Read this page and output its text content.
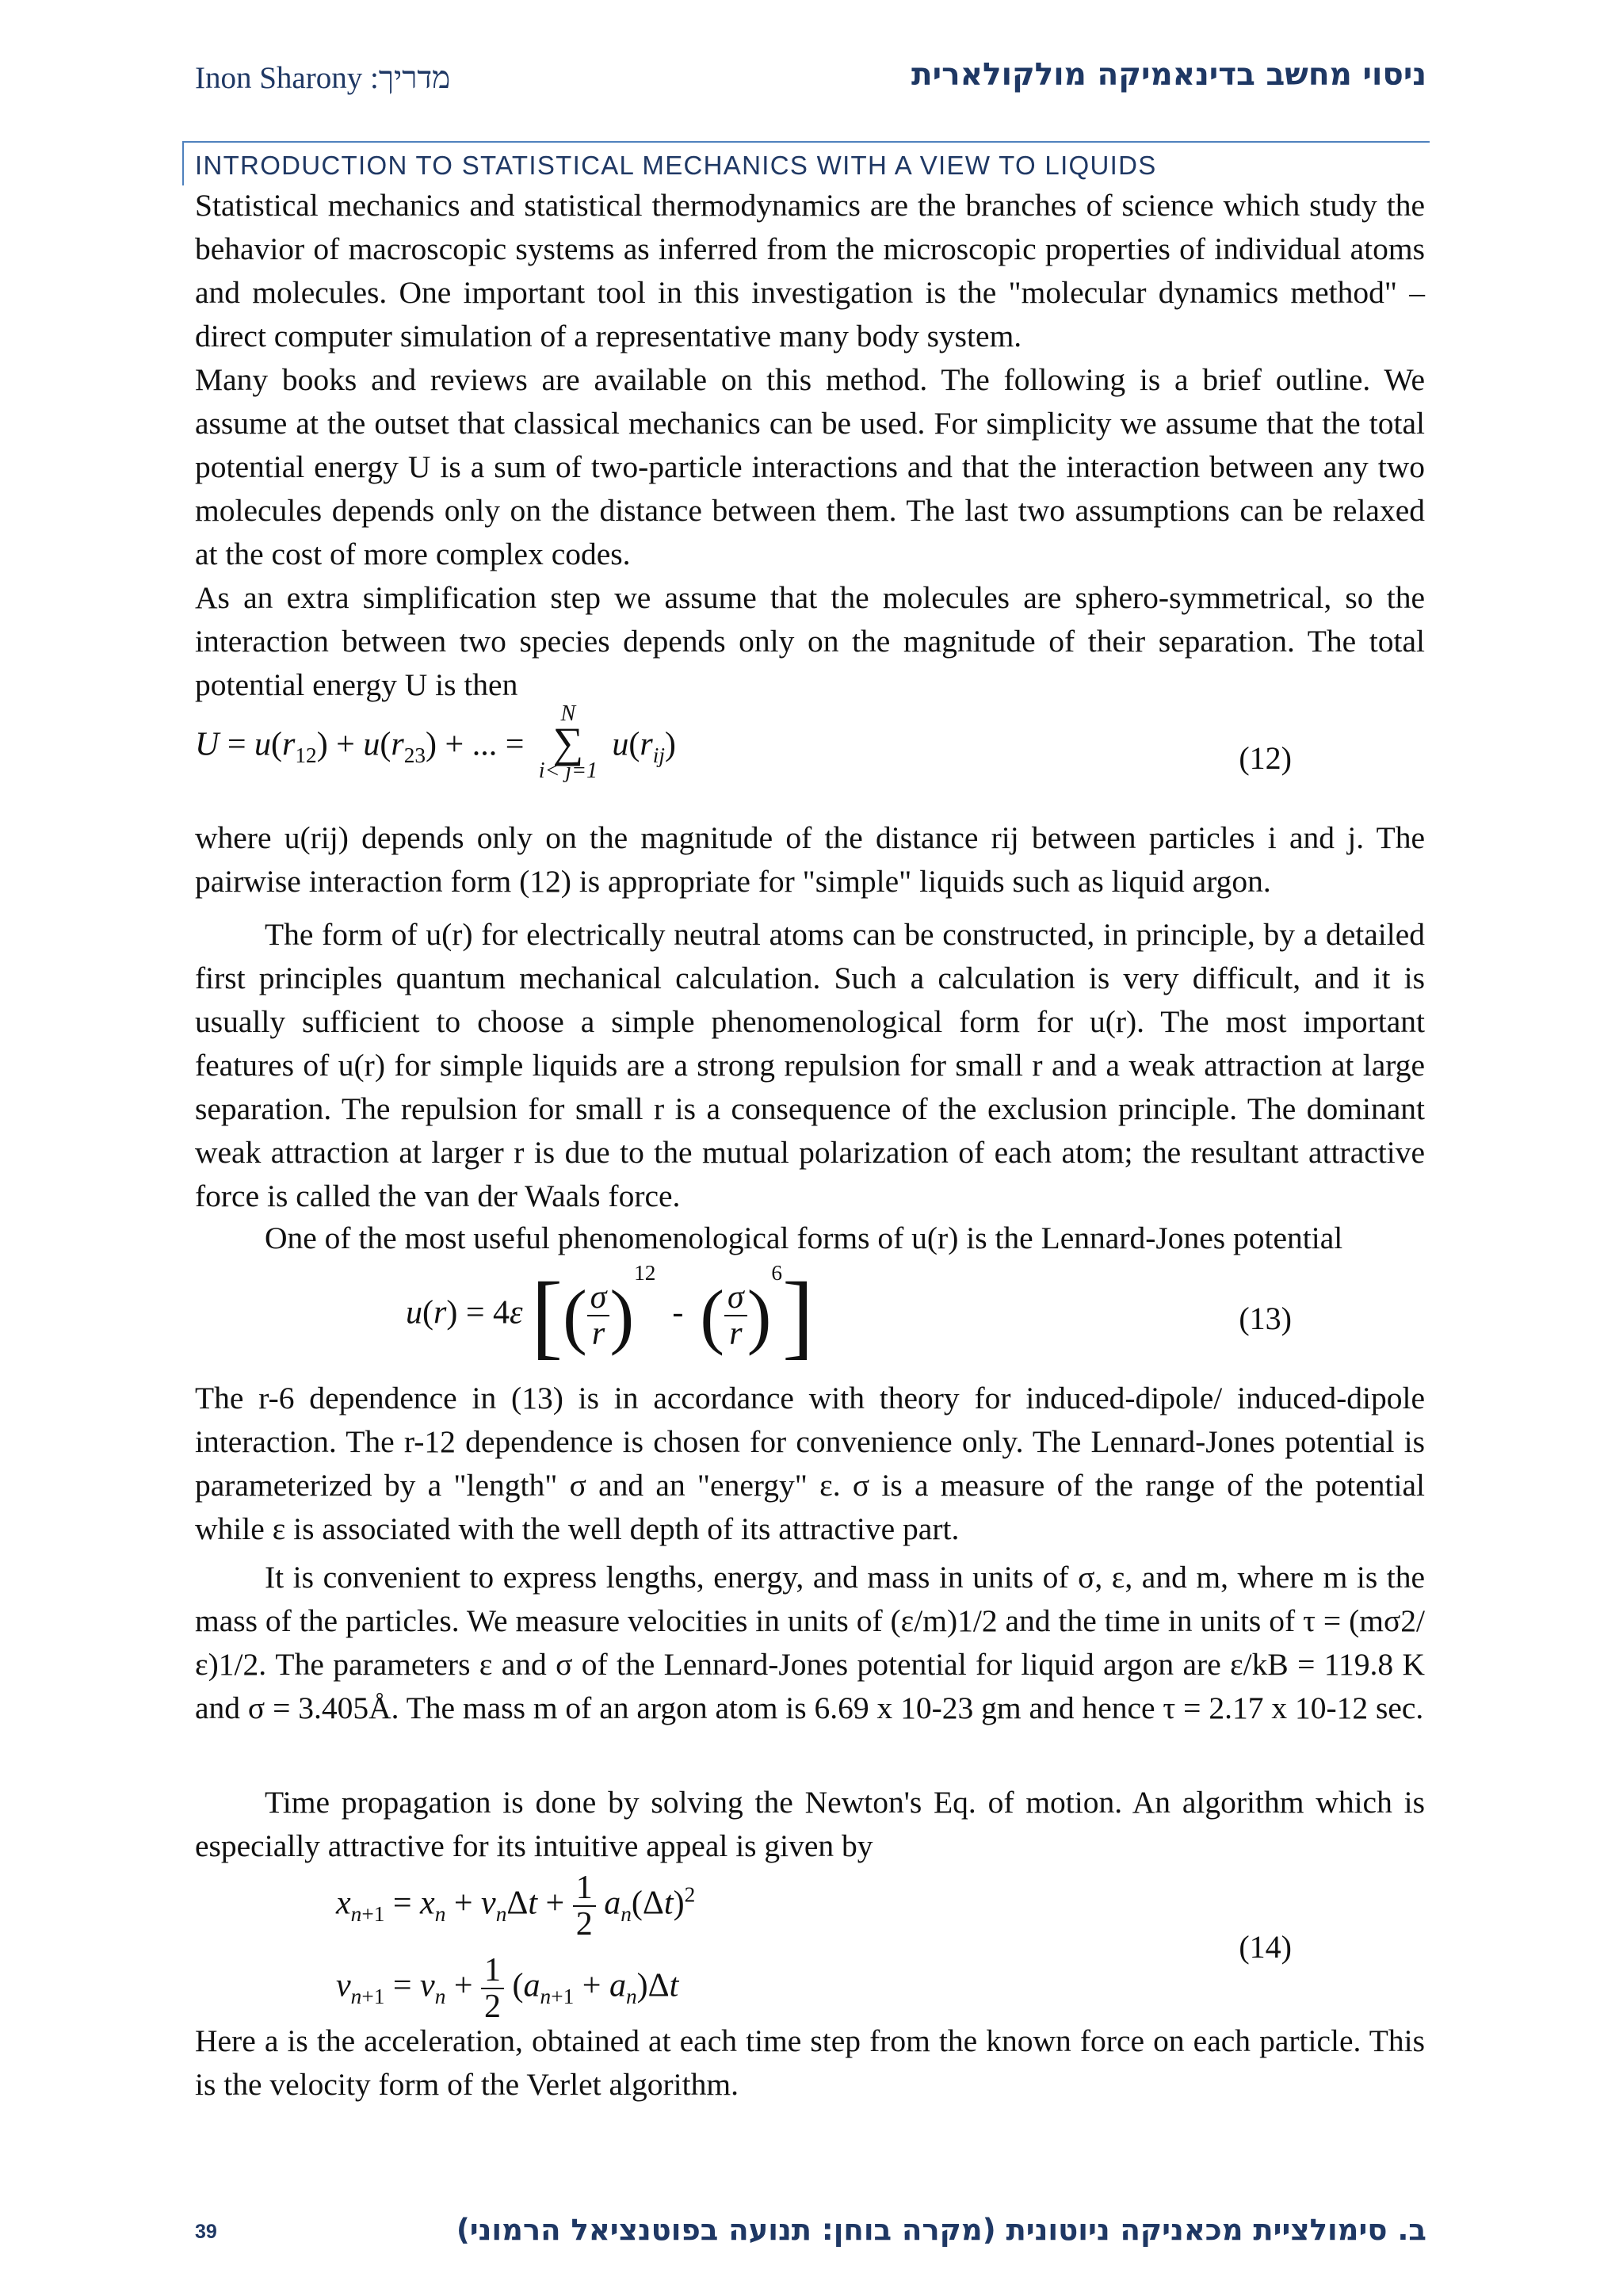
Inon Sharony :מדריך	ניסוי מחשב בדינאמיקה מולקולארית
INTRODUCTION TO STATISTICAL MECHANICS WITH A VIEW TO LIQUIDS
Statistical mechanics and statistical thermodynamics are the branches of science which study the behavior of macroscopic systems as inferred from the microscopic properties of individual atoms and molecules. One important tool in this investigation is the "molecular dynamics method" – direct computer simulation of a representative many body system.
Many books and reviews are available on this method. The following is a brief outline. We assume at the outset that classical mechanics can be used. For simplicity we assume that the total potential energy U is a sum of two-particle interactions and that the interaction between any two molecules depends only on the distance between them. The last two assumptions can be relaxed at the cost of more complex codes.
As an extra simplification step we assume that the molecules are sphero-symmetrical, so the interaction between two species depends only on the magnitude of their separation. The total potential energy U is then
$U = u(r_{12}) + u(r_{23})$ + ... =
N
∑
i< j=1
$u(r_{ij})$	(12)
where u(rij) depends only on the magnitude of the distance rij between particles i and j. The pairwise interaction form (12) is appropriate for "simple" liquids such as liquid argon.
The form of u(r) for electrically neutral atoms can be constructed, in principle, by a detailed first principles quantum mechanical calculation. Such a calculation is very difficult, and it is usually sufficient to choose a simple phenomenological form for u(r). The most important features of u(r) for simple liquids are a strong repulsion for small r and a weak attraction at large separation. The repulsion for small r is a consequence of the exclusion principle. The dominant weak attraction at larger r is due to the mutual polarization of each atom; the resultant attractive force is called the van der Waals force.
One of the most useful phenomenological forms of u(r) is the Lennard-Jones potential
u(r) = 4ε [( $\frac{\sigma}{r} )^{12}$  -  ( $\frac{\sigma}{r} )^6$]	(13)
The r-6 dependence in (13) is in accordance with theory for induced-dipole/ induced-dipole interaction. The r-12 dependence is chosen for convenience only. The Lennard-Jones potential is parameterized by a "length" σ and an "energy" ε. σ is a measure of the range of the potential while ε is associated with the well depth of its attractive part.
It is convenient to express lengths, energy, and mass in units of σ, ε, and m, where m is the mass of the particles. We measure velocities in units of (ε/m)1/2 and the time in units of τ = (mσ2/ε)1/2. The parameters ε and σ of the Lennard-Jones potential for liquid argon are ε/kB = 119.8 K and σ = 3.405Å. The mass m of an argon atom is 6.69 x 10-23 gm and hence τ = 2.17 x 10-12 sec.
Time propagation is done by solving the Newton's Eq. of motion. An algorithm which is especially attractive for its intuitive appeal is given by
$x_{n+1} = x_n + v_n\Delta t + \frac{1}{2} a_n(\Delta t)^2$
$v_{n+1} = v_n + \frac{1}{2} (a_{n+1} + a_n)\Delta t$
(14)
Here a is the acceleration, obtained at each time step from the known force on each particle. This is the velocity form of the Verlet algorithm.
39	ב. סימולציית מכאניקה ניוטונית (מקרה בוחן: תנועה בפוטנציאל הרמוני)
